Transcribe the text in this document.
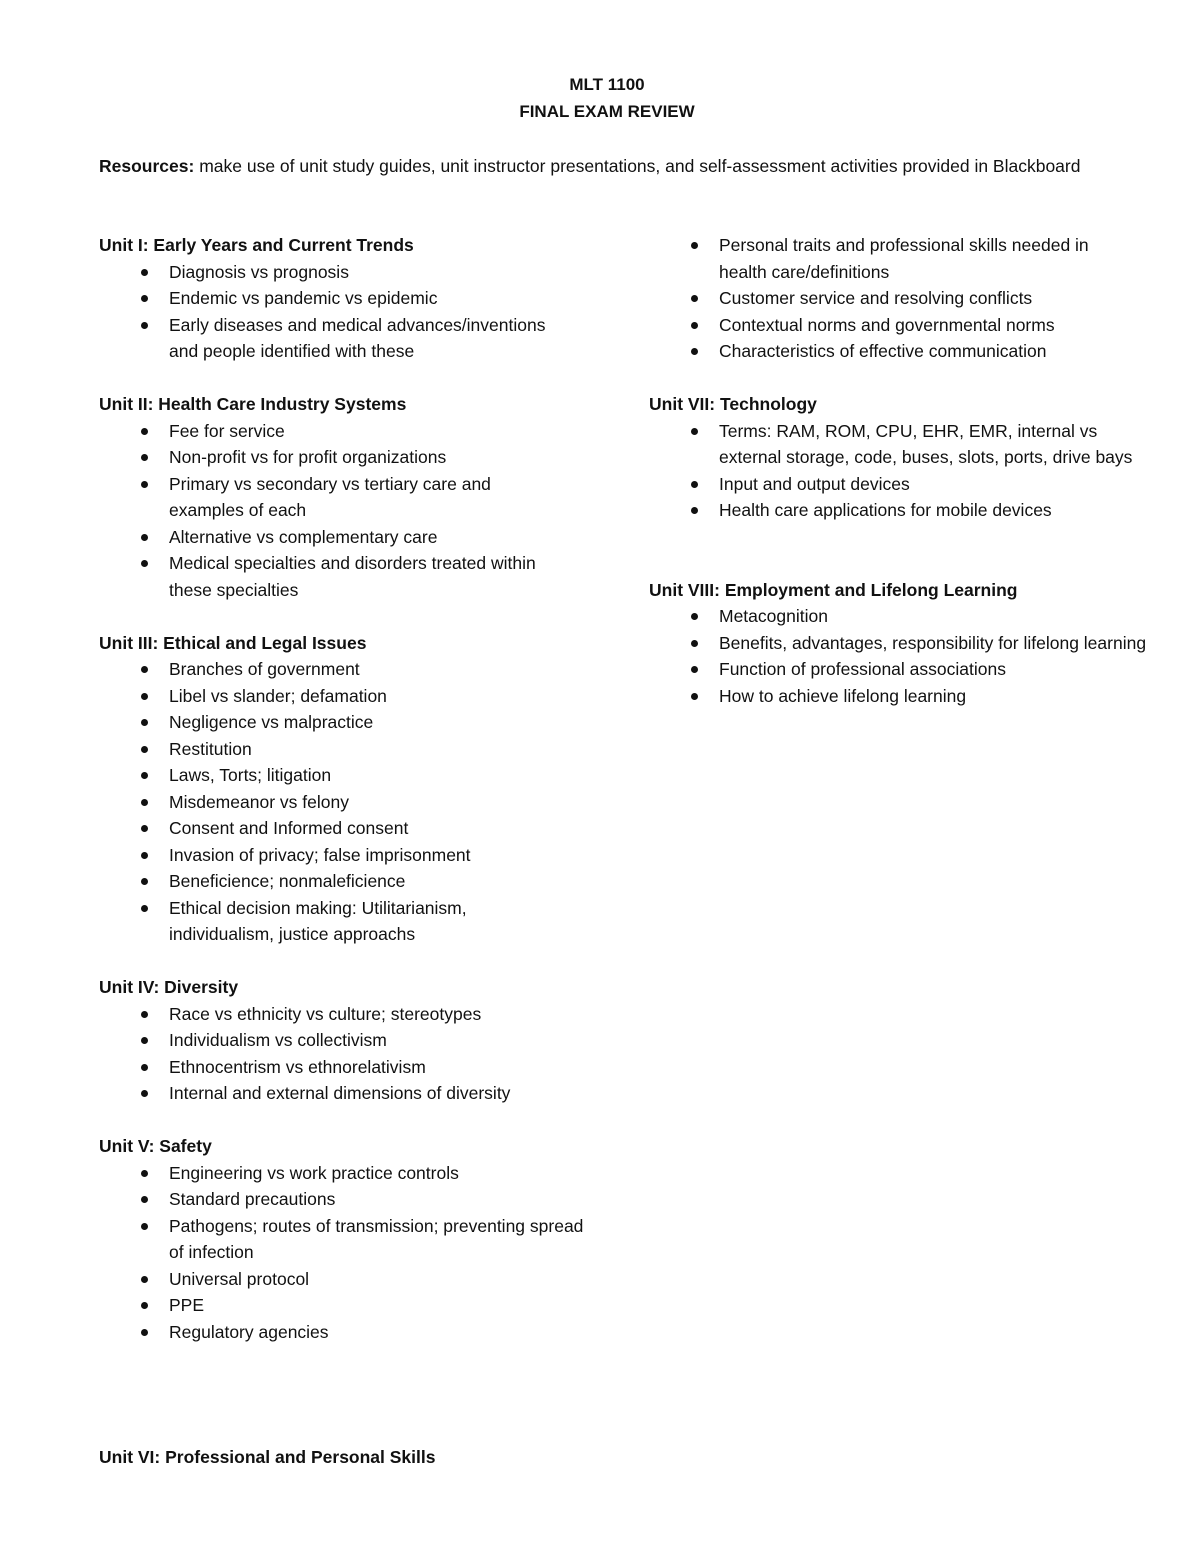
MLT 1100
FINAL EXAM REVIEW
Resources: make use of unit study guides, unit instructor presentations, and self-assessment activities provided in Blackboard

Unit I: Early Years and Current Trends

Diagnosis vs prognosis
Endemic vs pandemic vs epidemic
Early diseases and medical advances/inventions and people identified with these

Unit II: Health Care Industry Systems

Fee for service
Non-profit vs for profit organizations
Primary vs secondary vs tertiary care and examples of each
Alternative vs complementary care
Medical specialties and disorders treated within these specialties

Unit III: Ethical and Legal Issues

Branches of government
Libel vs slander; defamation
Negligence vs malpractice
Restitution
Laws, Torts; litigation
Misdemeanor vs felony
Consent and Informed consent
Invasion of privacy; false imprisonment
Beneficience; nonmaleficience
Ethical decision making: Utilitarianism, individualism, justice approachs

Unit IV: Diversity

Race vs ethnicity vs culture; stereotypes
Individualism vs collectivism
Ethnocentrism vs ethnorelativism
Internal and external dimensions of diversity

Unit V: Safety

Engineering vs work practice controls
Standard precautions
Pathogens; routes of transmission; preventing spread of infection
Universal protocol
PPE
Regulatory agencies

Unit VI: Professional and Personal Skills

Personal traits and professional skills needed in health care/definitions
Customer service and resolving conflicts
Contextual norms and governmental norms
Characteristics of effective communication

Unit VII: Technology

Terms: RAM, ROM, CPU, EHR, EMR, internal vs external storage, code, buses, slots, ports, drive bays
Input and output devices
Health care applications for mobile devices

Unit VIII: Employment and Lifelong Learning

Metacognition
Benefits, advantages, responsibility for lifelong learning
Function of professional associations
How to achieve lifelong learning
